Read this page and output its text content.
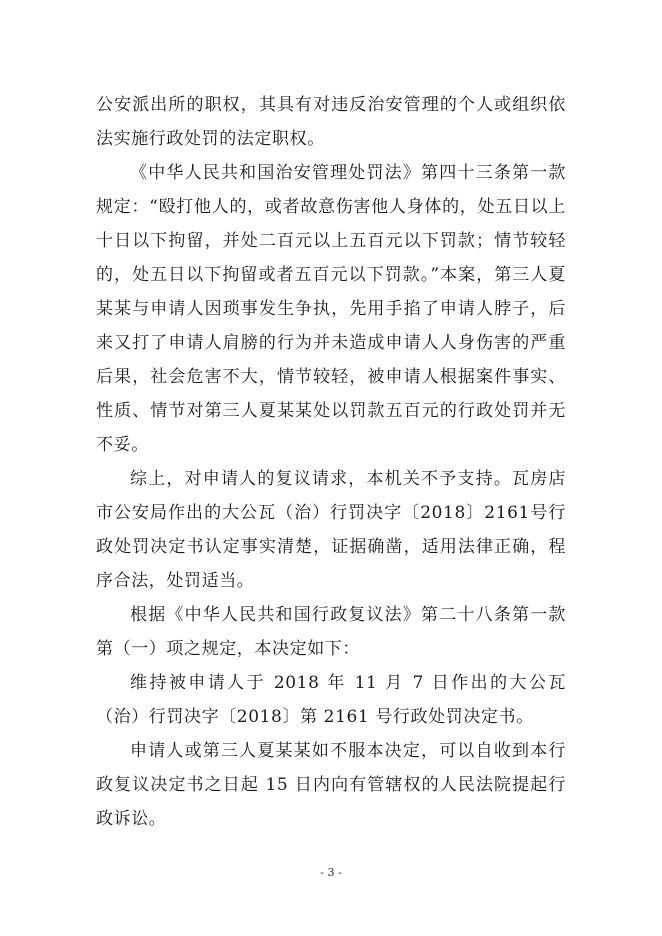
公安派出所的职权，其具有对违反治安管理的个人或组织依法实施行政处罚的法定职权。

《中华人民共和国治安管理处罚法》第四十三条第一款规定：“殴打他人的，或者故意伤害他人身体的，处五日以上十日以下拘留，并处二百元以上五百元以下罚款；情节较轻的，处五日以下拘留或者五百元以下罚款。”本案，第三人夏某某与申请人因琐事发生争执，先用手掐了申请人脖子，后来又打了申请人肩膀的行为并未造成申请人人身伤害的严重后果，社会危害不大，情节较轻，被申请人根据案件事实、性质、情节对第三人夏某某处以罚款五百元的行政处罚并无不妥。

综上，对申请人的复议请求，本机关不予支持。瓦房店市公安局作出的大公瓦（治）行罚决字〔2018〕2161号行政处罚决定书认定事实清楚，证据确凿，适用法律正确，程序合法，处罚适当。

根据《中华人民共和国行政复议法》第二十八条第一款第（一）项之规定，本决定如下：

维持被申请人于 2018 年 11 月 7 日作出的大公瓦（治）行罚决字〔2018〕第 2161 号行政处罚决定书。

申请人或第三人夏某某如不服本决定，可以自收到本行政复议决定书之日起 15 日内向有管辖权的人民法院提起行政诉讼。

- 3 -
